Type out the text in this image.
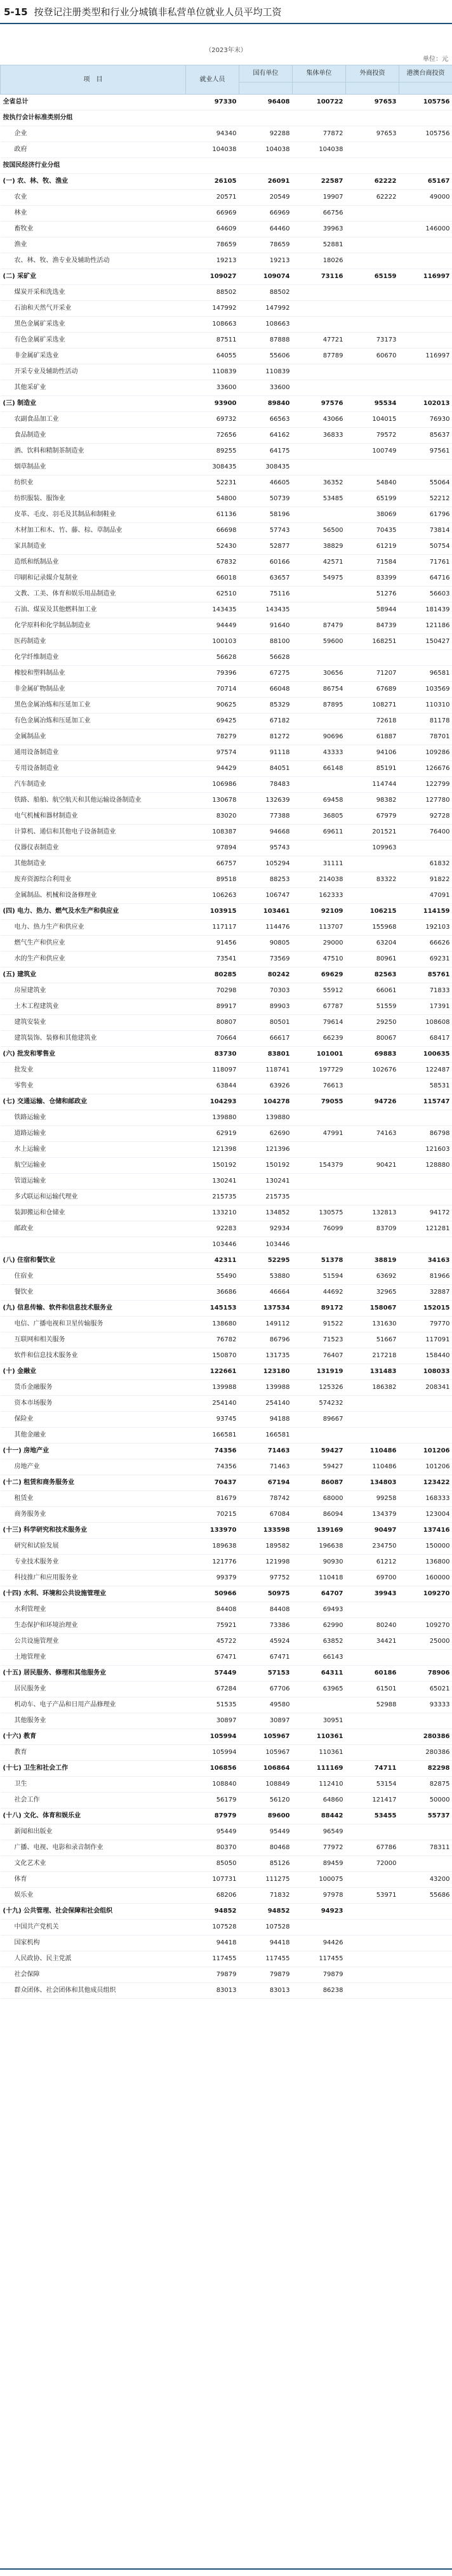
5-15 按登记注册类型和行业分城镇非私营单位就业人员平均工资
（2023年末）
单位：元
项　目	就业人员	国有单位	集体单位	外商投资	港澳台商投资

全省总计	97330	96408	100722	97653	105756
按执行会计标准类别分组					
企业	94340	92288	77872	97653	105756
政府	104038	104038	104038		
按国民经济行业分组					
(一) 农、林、牧、渔业	26105	26091	22587	62222	65167
农业	20571	20549	19907	62222	49000
林业	66969	66969	66756		
畜牧业	64609	64460	39963		146000
渔业	78659	78659	52881		
农、林、牧、渔专业及辅助性活动	19213	19213	18026		
(二) 采矿业	109027	109074	73116	65159	116997
煤炭开采和洗选业	88502	88502			
石油和天然气开采业	147992	147992			
黑色金属矿采选业	108663	108663			
有色金属矿采选业	87511	87888	47721	73173	
非金属矿采选业	64055	55606	87789	60670	116997
开采专业及辅助性活动	110839	110839			
其他采矿业	33600	33600			
(三) 制造业	93900	89840	97576	95534	102013
农副食品加工业	69732	66563	43066	104015	76930
食品制造业	72656	64162	36833	79572	85637
酒、饮料和精制茶制造业	89255	64175		100749	97561
烟草制品业	308435	308435			
纺织业	52231	46605	36352	54840	55064
纺织服装、服饰业	54800	50739	53485	65199	52212
皮革、毛皮、羽毛及其制品和制鞋业	61136	58196		38069	61796
木材加工和木、竹、藤、棕、草制品业	66698	57743	56500	70435	73814
家具制造业	52430	52877	38829	61219	50754
造纸和纸制品业	67832	60166	42571	71584	71761
印刷和记录媒介复制业	66018	63657	54975	83399	64716
文教、工美、体育和娱乐用品制造业	62510	75116		51276	56603
石油、煤炭及其他燃料加工业	143435	143435		58944	181439
化学原料和化学制品制造业	94449	91640	87479	84739	121186
医药制造业	100103	88100	59600	168251	150427
化学纤维制造业	56628	56628			
橡胶和塑料制品业	79396	67275	30656	71207	96581
非金属矿物制品业	70714	66048	86754	67689	103569
黑色金属冶炼和压延加工业	90625	85329	87895	108271	110310
有色金属冶炼和压延加工业	69425	67182		72618	81178
金属制品业	78279	81272	90696	61887	78701
通用设备制造业	97574	91118	43333	94106	109286
专用设备制造业	94429	84051	66148	85191	126676
汽车制造业	106986	78483		114744	122799
铁路、船舶、航空航天和其他运输设备制造业	130678	132639	69458	98382	127780
电气机械和器材制造业	83020	77388	36805	67979	92728
计算机、通信和其他电子设备制造业	108387	94668	69611	201521	76400
仪器仪表制造业	97894	95743		109963	
其他制造业	66757	105294	31111		61832
废弃资源综合利用业	89518	88253	214038	83322	91822
金属制品、机械和设备修理业	106263	106747	162333		47091
(四) 电力、热力、燃气及水生产和供应业	103915	103461	92109	106215	114159
电力、热力生产和供应业	117117	114476	113707	155968	192103
燃气生产和供应业	91456	90805	29000	63204	66626
水的生产和供应业	73541	73569	47510	80961	69231
(五) 建筑业	80285	80242	69629	82563	85761
房屋建筑业	70298	70303	55912	66061	71833
土木工程建筑业	89917	89903	67787	51559	17391
建筑安装业	80807	80501	79614	29250	108608
建筑装饰、装修和其他建筑业	70664	66617	66239	80067	68417
(六) 批发和零售业	83730	83801	101001	69883	100635
批发业	118097	118741	197729	102676	122487
零售业	63844	63926	76613		58531
(七) 交通运输、仓储和邮政业	104293	104278	79055	94726	115747
铁路运输业	139880	139880			
道路运输业	62919	62690	47991	74163	86798
水上运输业	121398	121396			121603
航空运输业	150192	150192	154379	90421	128880
管道运输业	130241	130241			
多式联运和运输代理业	215735	215735			
装卸搬运和仓储业	133210	134852	130575	132813	94172
邮政业	92283	92934	76099	83709	121281
	103446	103446			
(八) 住宿和餐饮业	42311	52295	51378	38819	34163
住宿业	55490	53880	51594	63692	81966
餐饮业	36686	46664	44692	32965	32887
(九) 信息传输、软件和信息技术服务业	145153	137534	89172	158067	152015
电信、广播电视和卫星传输服务	138680	149112	91522	131630	79770
互联网和相关服务	76782	86796	71523	51667	117091
软件和信息技术服务业	150870	131735	76407	217218	158440
(十) 金融业	122661	123180	131919	131483	108033
货币金融服务	139988	139988	125326	186382	208341
资本市场服务	254140	254140	574232		
保险业	93745	94188	89667		
其他金融业	166581	166581			
(十一) 房地产业	74356	71463	59427	110486	101206
房地产业	74356	71463	59427	110486	101206
(十二) 租赁和商务服务业	70437	67194	86087	134803	123422
租赁业	81679	78742	68000	99258	168333
商务服务业	70215	67084	86094	134379	123004
(十三) 科学研究和技术服务业	133970	133598	139169	90497	137416
研究和试验发展	189638	189582	196638	234750	150000
专业技术服务业	121776	121998	90930	61212	136800
科技推广和应用服务业	99379	97752	110418	69700	160000
(十四) 水利、环境和公共设施管理业	50966	50975	64707	39943	109270
水利管理业	84408	84408	69493		
生态保护和环境治理业	75921	73386	62990	80240	109270
公共设施管理业	45722	45924	63852	34421	25000
土地管理业	67471	67471	66143		
(十五) 居民服务、修理和其他服务业	57449	57153	64311	60186	78906
居民服务业	67284	67706	63965	61501	65021
机动车、电子产品和日用产品修理业	51535	49580		52988	93333
其他服务业	30897	30897	30951		
(十六) 教育	105994	105967	110361		280386
教育	105994	105967	110361		280386
(十七) 卫生和社会工作	106856	106864	111169	74711	82298
卫生	108840	108849	112410	53154	82875
社会工作	56179	56120	64860	121417	50000
(十八) 文化、体育和娱乐业	87979	89600	88442	53455	55737
新闻和出版业	95449	95449	96549		
广播、电视、电影和录音制作业	80370	80468	77972	67786	78311
文化艺术业	85050	85126	89459	72000	
体育	107731	111275	100075		43200
娱乐业	68206	71832	97978	53971	55686
(十九) 公共管理、社会保障和社会组织	94852	94852	94923		
中国共产党机关	107528	107528			
国家机构	94418	94418	94426		
人民政协、民主党派	117455	117455	117455		
社会保障	79879	79879	79879		
群众团体、社会团体和其他成员组织	83013	83013	86238		
